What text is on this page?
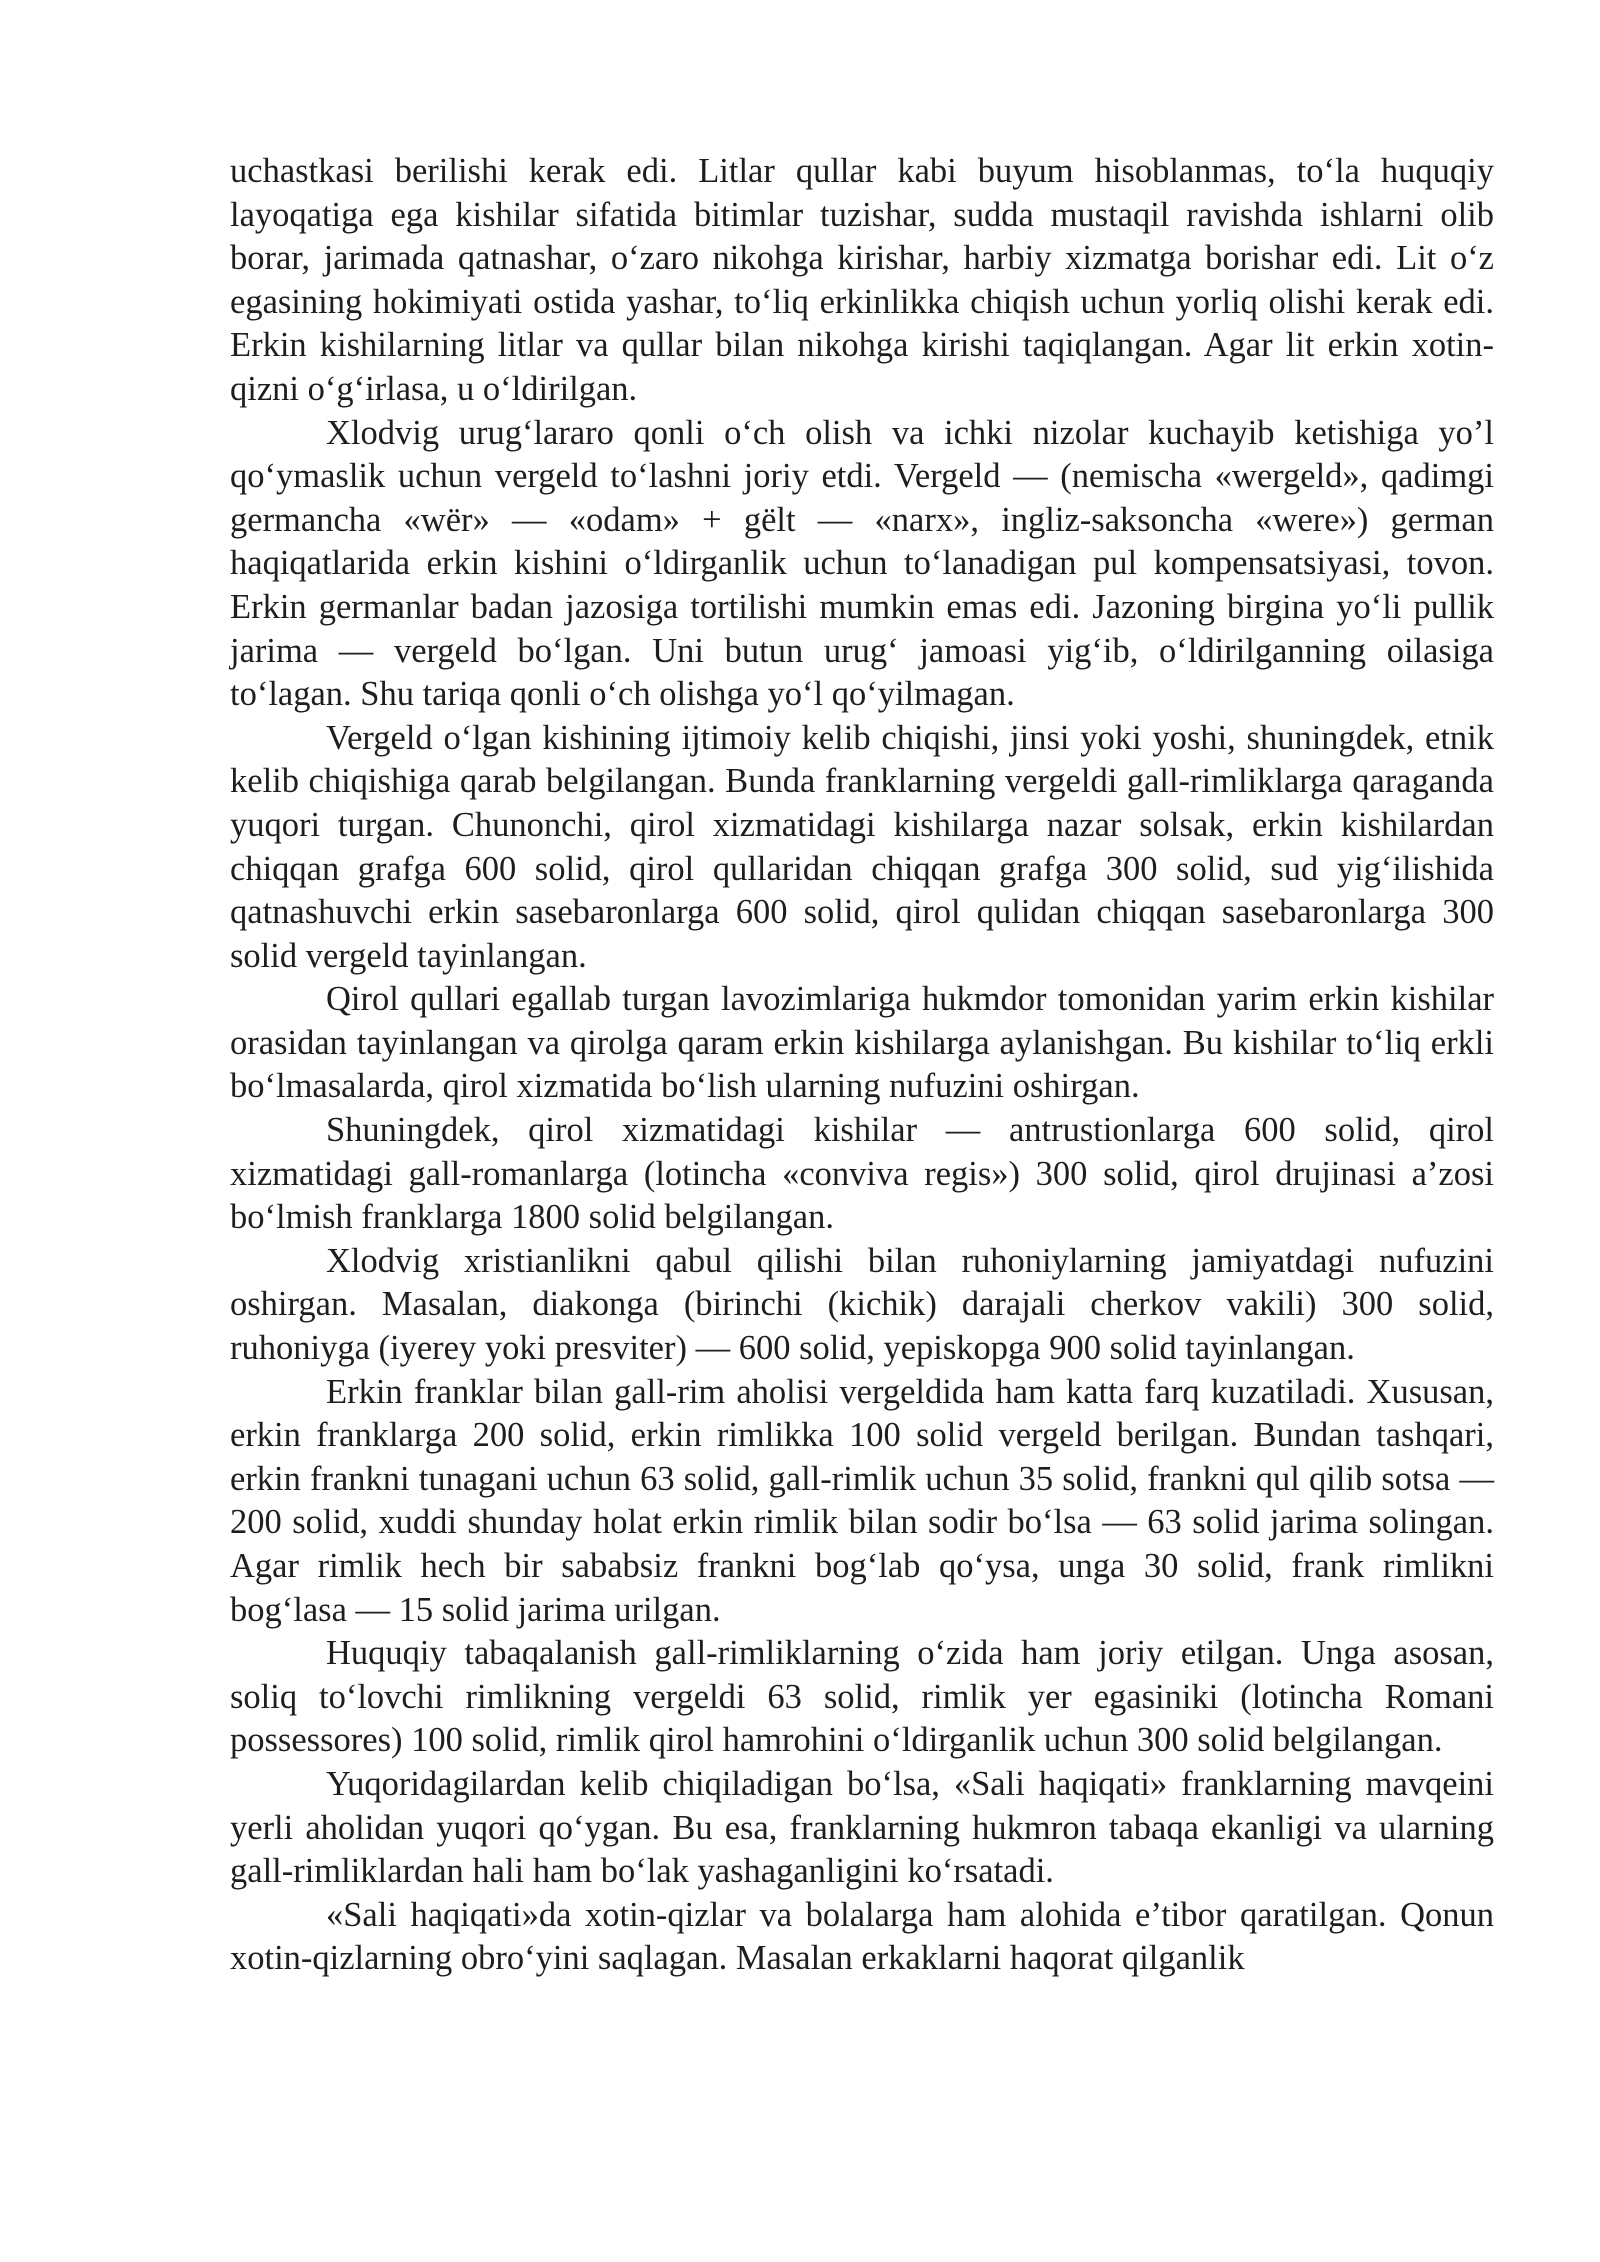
uchastkasi berilishi kerak edi. Litlar qullar kabi buyum hisoblanmas, to‘la huquqiy layoqatiga ega kishilar sifatida bitimlar tuzishar, sudda mustaqil ravishda ishlarni olib borar, jarimada qatnashar, o‘zaro nikohga kirishar, harbiy xizmatga borishar edi. Lit o‘z egasining hokimiyati ostida yashar, to‘liq erkinlikka chiqish uchun yorliq olishi kerak edi. Erkin kishilarning litlar va qullar bilan nikohga kirishi taqiqlangan. Agar lit erkin xotin-qizni o‘g‘irlasa, u o‘ldirilgan.

Xlodvig urug‘lararo qonli o‘ch olish va ichki nizolar kuchayib ketishiga yo’l qo‘ymaslik uchun vergeld to‘lashni joriy etdi. Vergeld — (nemischa «wergeld», qadimgi germancha «wёr» — «odam» + gёlt — «narx», ingliz-saksoncha «were») german haqiqatlarida erkin kishini o‘ldirganlik uchun to‘lanadigan pul kompensatsiyasi, tovon. Erkin germanlar badan jazosiga tortilishi mumkin emas edi. Jazoning birgina yo‘li pullik jarima — vergeld bo‘lgan. Uni butun urug‘ jamoasi yig‘ib, o‘ldirilganning oilasiga to‘lagan. Shu tariqa qonli o‘ch olishga yo‘l qo‘yilmagan.

Vergeld o‘lgan kishining ijtimoiy kelib chiqishi, jinsi yoki yoshi, shuningdek, etnik kelib chiqishiga qarab belgilangan. Bunda franklarning vergeldi gall-rimliklarga qaraganda yuqori turgan. Chunonchi, qirol xizmatidagi kishilarga nazar solsak, erkin kishilardan chiqqan grafga 600 solid, qirol qullaridan chiqqan grafga 300 solid, sud yig‘ilishida qatnashuvchi erkin sasebaronlarga 600 solid, qirol qulidan chiqqan sasebaronlarga 300 solid vergeld tayinlangan.

Qirol qullari egallab turgan lavozimlariga hukmdor tomonidan yarim erkin kishilar orasidan tayinlangan va qirolga qaram erkin kishilarga aylanishgan. Bu kishilar to‘liq erkli bo‘lmasalarda, qirol xizmatida bo‘lish ularning nufuzini oshirgan.

Shuningdek, qirol xizmatidagi kishilar — antrustionlarga 600 solid, qirol xizmatidagi gall-romanlarga (lotincha «conviva regis») 300 solid, qirol drujinasi a’zosi bo‘lmish franklarga 1800 solid belgilangan.

Xlodvig xristianlikni qabul qilishi bilan ruhoniylarning jamiyatdagi nufuzini oshirgan. Masalan, diakonga (birinchi (kichik) darajali cherkov vakili) 300 solid, ruhoniyga (iyerey yoki presviter) — 600 solid, yepiskopga 900 solid tayinlangan.

Erkin franklar bilan gall-rim aholisi vergeldida ham katta farq kuzatiladi. Xususan, erkin franklarga 200 solid, erkin rimlikka 100 solid vergeld berilgan. Bundan tashqari, erkin frankni tunagani uchun 63 solid, gall-rimlik uchun 35 solid, frankni qul qilib sotsa — 200 solid, xuddi shunday holat erkin rimlik bilan sodir bo‘lsa — 63 solid jarima solingan. Agar rimlik hech bir sababsiz frankni bog‘lab qo‘ysa, unga 30 solid, frank rimlikni bog‘lasa — 15 solid jarima urilgan.

Huquqiy tabaqalanish gall-rimliklarning o‘zida ham joriy etilgan. Unga asosan, soliq to‘lovchi rimlikning vergeldi 63 solid, rimlik yer egasiniki (lotincha Romani possessores) 100 solid, rimlik qirol hamrohini o‘ldirganlik uchun 300 solid belgilangan.

Yuqoridagilardan kelib chiqiladigan bo‘lsa, «Sali haqiqati» franklarning mavqeini yerli aholidan yuqori qo‘ygan. Bu esa, franklarning hukmron tabaqa ekanligi va ularning gall-rimliklardan hali ham bo‘lak yashaganligini ko‘rsatadi.

«Sali haqiqati»da xotin-qizlar va bolalarga ham alohida e’tibor qaratilgan. Qonun xotin-qizlarning obro‘yini saqlagan. Masalan erkaklarni haqorat qilganlik
